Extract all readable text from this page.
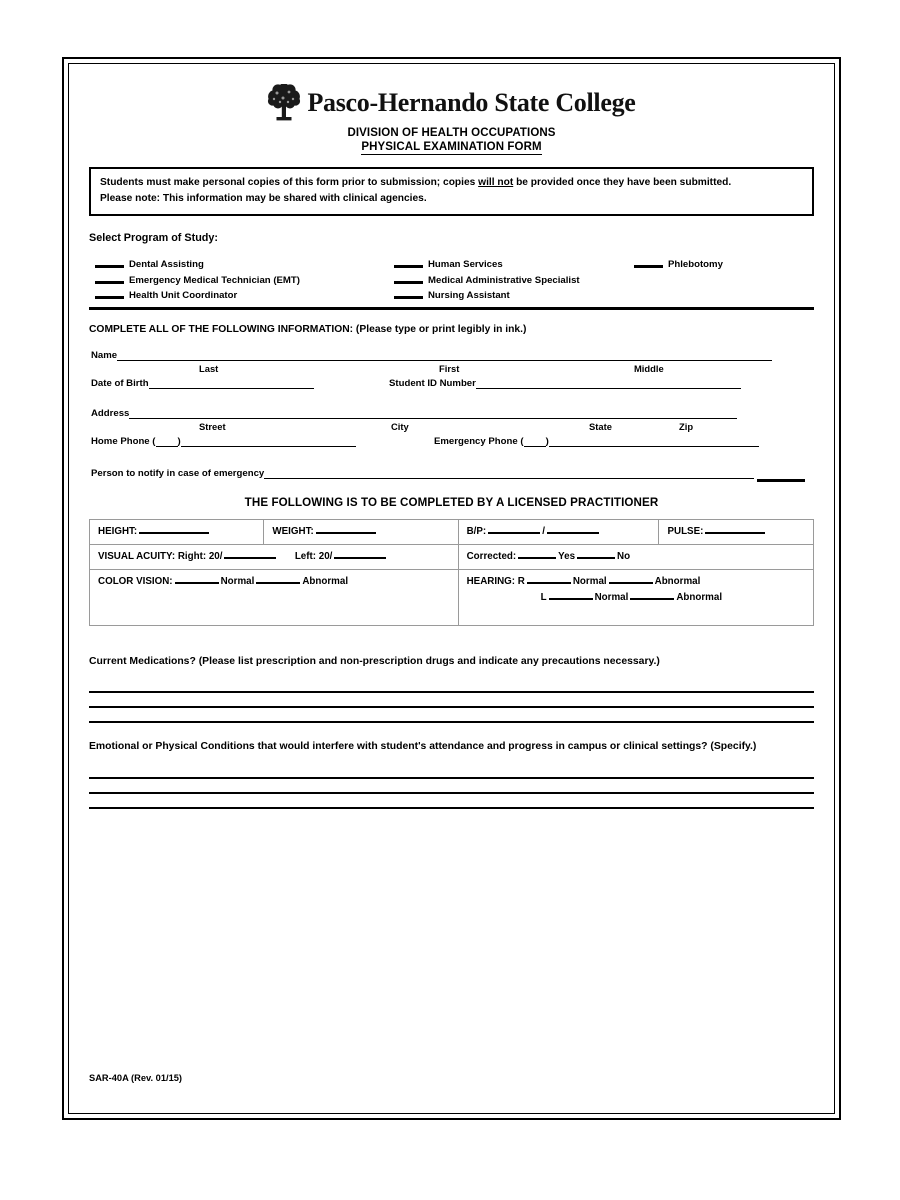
Pasco-Hernando State College
DIVISION OF HEALTH OCCUPATIONS
PHYSICAL EXAMINATION FORM
Students must make personal copies of this form prior to submission; copies will not be provided once they have been submitted.
Please note: This information may be shared with clinical agencies.
Select Program of Study:
Dental Assisting
Emergency Medical Technician (EMT)
Health Unit Coordinator
Human Services
Medical Administrative Specialist
Nursing Assistant
Phlebotomy
COMPLETE ALL OF THE FOLLOWING INFORMATION: (Please type or print legibly in ink.)
Name
Last	First	Middle
Date of Birth	Student ID Number
Address
Street	City	State	Zip
Home Phone ( )	Emergency Phone ( )
Person to notify in case of emergency
THE FOLLOWING IS TO BE COMPLETED BY A LICENSED PRACTITIONER
HEIGHT:	WEIGHT:	B/P: /	PULSE:
VISUAL ACUITY: Right: 20/ Left: 20/		Corrected: Yes No	
COLOR VISION: Normal Abnormal		HEARING: R Normal Abnormal
L Normal Abnormal	
Current Medications? (Please list prescription and non-prescription drugs and indicate any precautions necessary.)
Emotional or Physical Conditions that would interfere with student's attendance and progress in campus or clinical settings? (Specify.)
SAR-40A (Rev. 01/15)
